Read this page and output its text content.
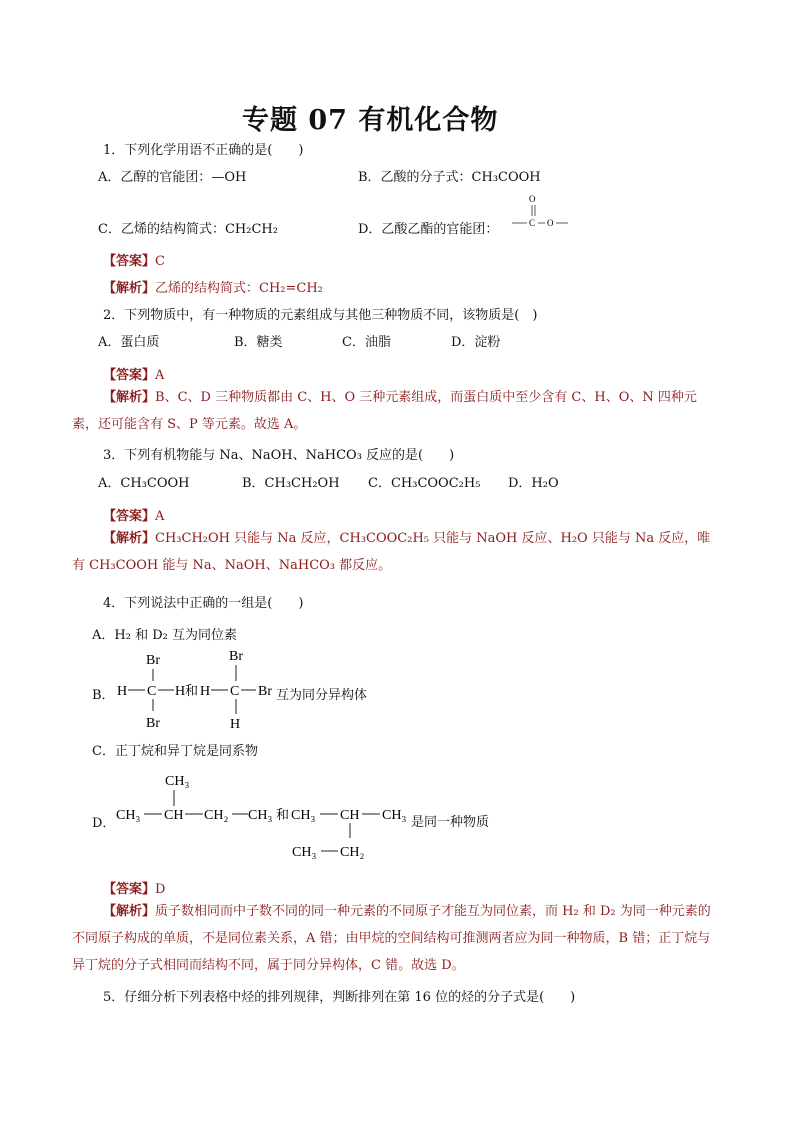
专题 07 有机化合物
1．下列化学用语不正确的是(　　)
A．乙醇的官能团：—OH	B．乙酸的分子式：CH₃COOH
C．乙烯的结构简式：CH₂CH₂	D．乙酸乙酯的官能团：
O
C O
【答案】C
【解析】乙烯的结构简式：CH₂=CH₂
2．下列物质中，有一种物质的元素组成与其他三种物质不同，该物质是(　)
A．蛋白质	B．糖类	C．油脂	D．淀粉
【答案】A
【解析】B、C、D 三种物质都由 C、H、O 三种元素组成，而蛋白质中至少含有 C、H、O、N 四种元素，还可能含有 S、P 等元素。故选 A。
3．下列有机物能与 Na、NaOH、NaHCO₃ 反应的是(　　)
A．CH₃COOH	B．CH₃CH₂OH C．CH₃COOC₂H₅ D．H₂O
【答案】A
【解析】CH₃CH₂OH 只能与 Na 反应，CH₃COOC₂H₅ 只能与 NaOH 反应、H₂O 只能与 Na 反应，唯有 CH₃COOH 能与 Na、NaOH、NaHCO₃ 都反应。
4．下列说法中正确的一组是(　　)
A．H₂ 和 D₂ 互为同位素
B．
Br
H C H
Br
和
Br
H C Br
H
互为同分异构体
C．正丁烷和异丁烷是同系物
D．
CH₃
CH₃ CH CH₂ CH₃ 和 CH₃ CH CH₃
CH₃ CH₂
是同一种物质
【答案】D
【解析】质子数相同而中子数不同的同一种元素的不同原子才能互为同位素，而 H₂ 和 D₂ 为同一种元素的不同原子构成的单质，不是同位素关系，A 错；由甲烷的空间结构可推测两者应为同一种物质，B 错；正丁烷与异丁烷的分子式相同而结构不同，属于同分异构体，C 错。故选 D。
5．仔细分析下列表格中烃的排列规律，判断排列在第 16 位的烃的分子式是(　　)
